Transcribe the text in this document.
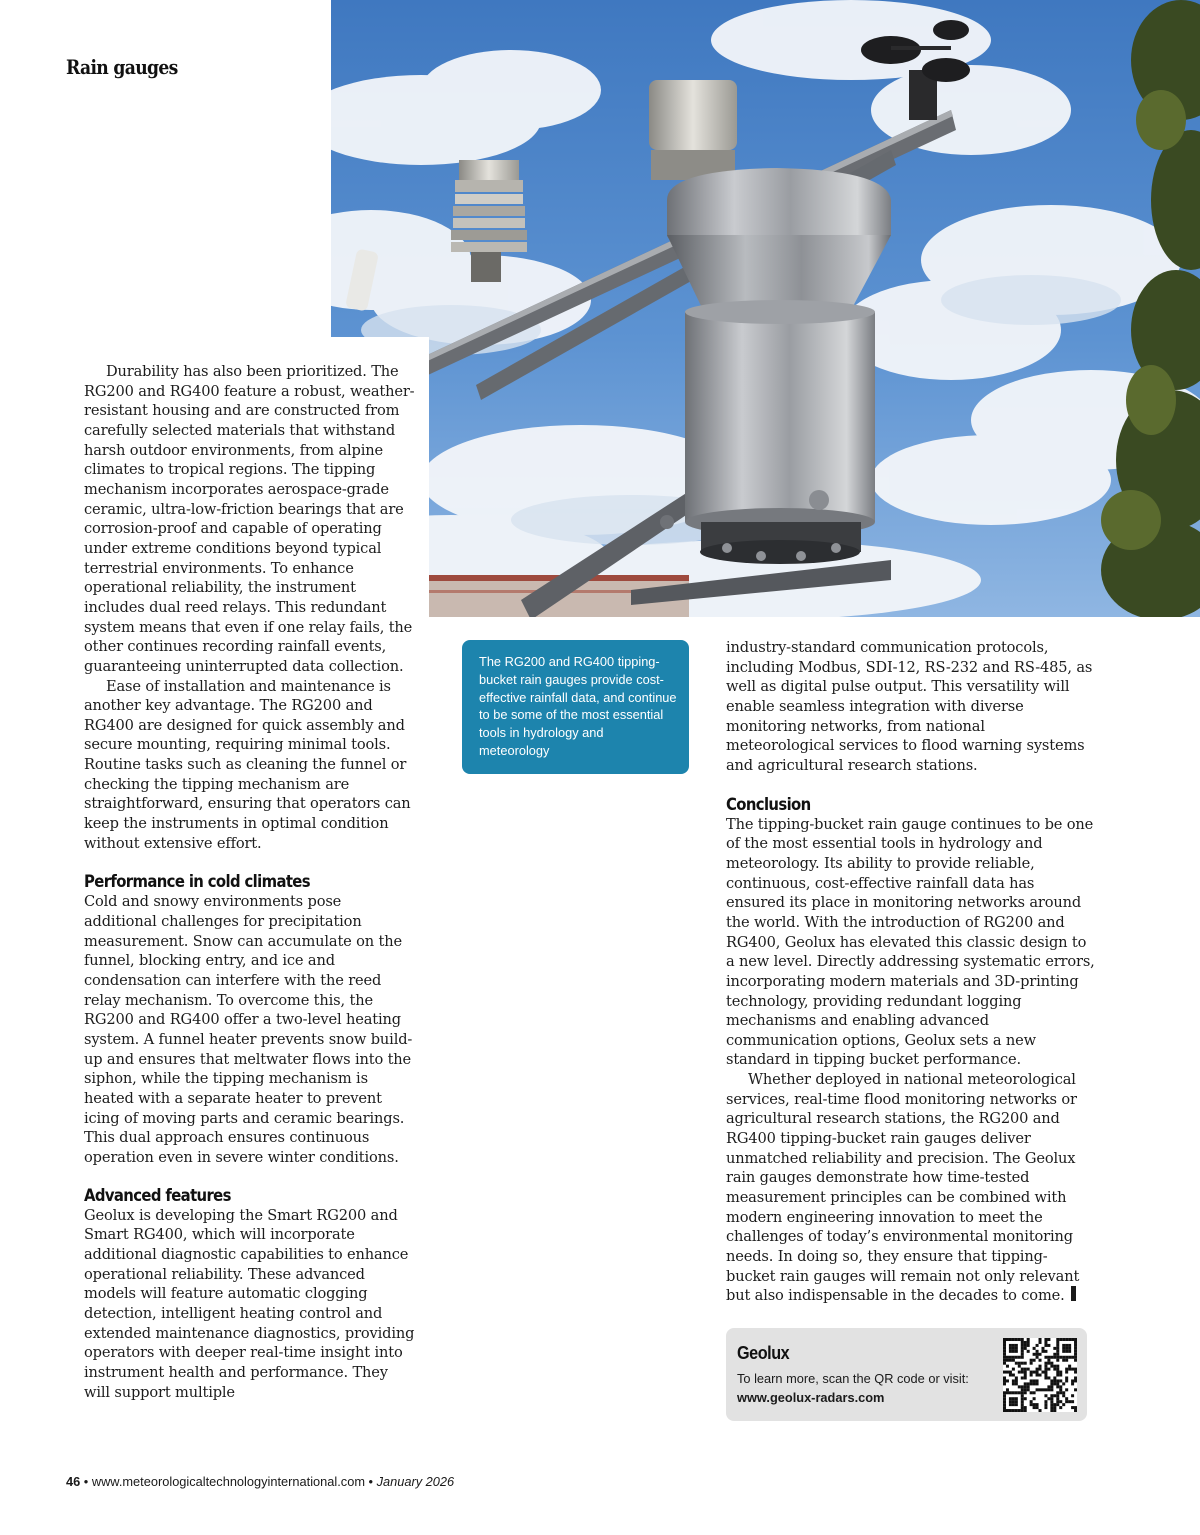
Rain gauges

Durability has also been prioritized. The RG200 and RG400 feature a robust, weather-resistant housing and are constructed from carefully selected materials that withstand harsh outdoor environments, from alpine climates to tropical regions. The tipping mechanism incorporates aerospace-grade ceramic, ultra-low-friction bearings that are corrosion-proof and capable of operating under extreme conditions beyond typical terrestrial environments. To enhance operational reliability, the instrument includes dual reed relays. This redundant system means that even if one relay fails, the other continues recording rainfall events, guaranteeing uninterrupted data collection.

Ease of installation and maintenance is another key advantage. The RG200 and RG400 are designed for quick assembly and secure mounting, requiring minimal tools. Routine tasks such as cleaning the funnel or checking the tipping mechanism are straightforward, ensuring that operators can keep the instruments in optimal condition without extensive effort.

Performance in cold climates

Cold and snowy environments pose additional challenges for precipitation measurement. Snow can accumulate on the funnel, blocking entry, and ice and condensation can interfere with the reed relay mechanism. To overcome this, the RG200 and RG400 offer a two-level heating system. A funnel heater prevents snow build-up and ensures that meltwater flows into the siphon, while the tipping mechanism is heated with a separate heater to prevent icing of moving parts and ceramic bearings. This dual approach ensures continuous operation even in severe winter conditions.

Advanced features

Geolux is developing the Smart RG200 and Smart RG400, which will incorporate additional diagnostic capabilities to enhance operational reliability. These advanced models will feature automatic clogging detection, intelligent heating control and extended maintenance diagnostics, providing operators with deeper real-time insight into instrument health and performance. They will support multiple

The RG200 and RG400 tipping-bucket rain gauges provide cost-effective rainfall data, and continue to be some of the most essential tools in hydrology and meteorology

industry-standard communication protocols, including Modbus, SDI-12, RS-232 and RS-485, as well as digital pulse output. This versatility will enable seamless integration with diverse monitoring networks, from national meteorological services to flood warning systems and agricultural research stations.

Conclusion

The tipping-bucket rain gauge continues to be one of the most essential tools in hydrology and meteorology. Its ability to provide reliable, continuous, cost-effective rainfall data has ensured its place in monitoring networks around the world. With the introduction of RG200 and RG400, Geolux has elevated this classic design to a new level. Directly addressing systematic errors, incorporating modern materials and 3D-printing technology, providing redundant logging mechanisms and enabling advanced communication options, Geolux sets a new standard in tipping bucket performance.

Whether deployed in national meteorological services, real-time flood monitoring networks or agricultural research stations, the RG200 and RG400 tipping-bucket rain gauges deliver unmatched reliability and precision. The Geolux rain gauges demonstrate how time-tested measurement principles can be combined with modern engineering innovation to meet the challenges of today’s environmental monitoring needs. In doing so, they ensure that tipping-bucket rain gauges will remain not only relevant but also indispensable in the decades to come.

Geolux
To learn more, scan the QR code or visit:
www.geolux-radars.com
46 • www.meteorologicaltechnologyinternational.com • January 2026
